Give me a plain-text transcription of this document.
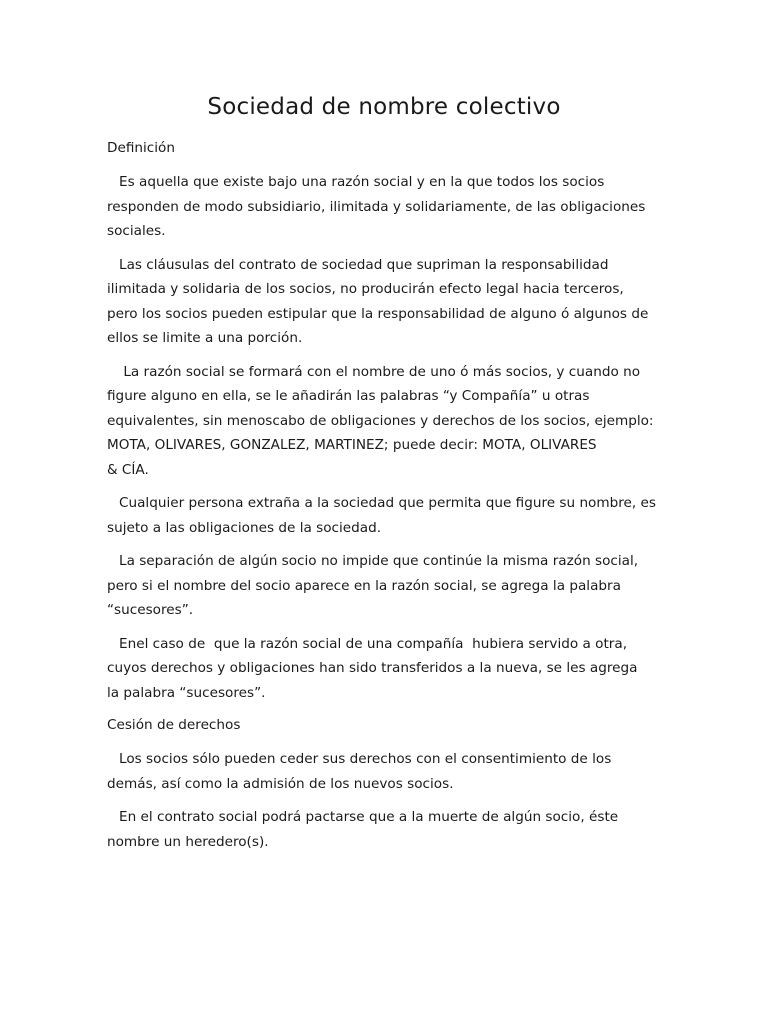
Sociedad de nombre colectivo
Definición

Es aquella que existe bajo una razón social y en la que todos los socios
responden de modo subsidiario, ilimitada y solidariamente, de las obligaciones
sociales.

Las cláusulas del contrato de sociedad que supriman la responsabilidad
ilimitada y solidaria de los socios, no producirán efecto legal hacia terceros,
pero los socios pueden estipular que la responsabilidad de alguno ó algunos de
ellos se limite a una porción.

La razón social se formará con el nombre de uno ó más socios, y cuando no
figure alguno en ella, se le añadirán las palabras “y Compañía” u otras
equivalentes, sin menoscabo de obligaciones y derechos de los socios, ejemplo:
MOTA, OLIVARES, GONZALEZ, MARTINEZ; puede decir: MOTA, OLIVARES
& CÍA.

Cualquier persona extraña a la sociedad que permita que figure su nombre, es
sujeto a las obligaciones de la sociedad.

La separación de algún socio no impide que continúe la misma razón social,
pero si el nombre del socio aparece en la razón social, se agrega la palabra
“sucesores”.

Enel caso de  que la razón social de una compañía  hubiera servido a otra,
cuyos derechos y obligaciones han sido transferidos a la nueva, se les agrega
la palabra “sucesores”.

Cesión de derechos

Los socios sólo pueden ceder sus derechos con el consentimiento de los
demás, así como la admisión de los nuevos socios.

En el contrato social podrá pactarse que a la muerte de algún socio, éste
nombre un heredero(s).
